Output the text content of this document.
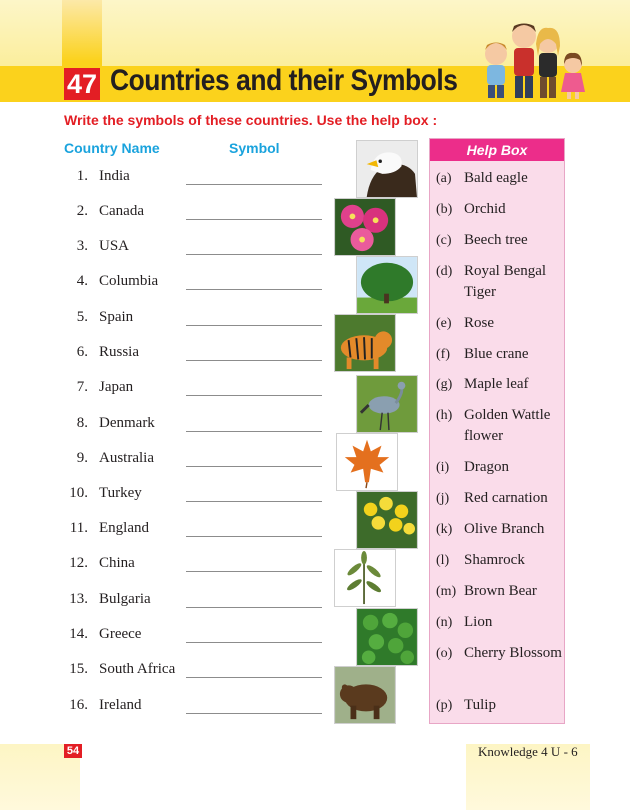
47 Countries and their Symbols
Write the symbols of these countries. Use the help box :
Country Name	Symbol
1. India
2. Canada
3. USA
4. Columbia
5. Spain
6. Russia
7. Japan
8. Denmark
9. Australia
10. Turkey
11. England
12. China
13. Bulgaria
14. Greece
15. South Africa
16. Ireland
Help Box
(a) Bald eagle
(b) Orchid
(c) Beech tree
(d) Royal Bengal Tiger
(e) Rose
(f) Blue crane
(g) Maple leaf
(h) Golden Wattle flower
(i) Dragon
(j) Red carnation
(k) Olive Branch
(l) Shamrock
(m) Brown Bear
(n) Lion
(o) Cherry Blossom
(p) Tulip
54	Knowledge 4 U - 6
